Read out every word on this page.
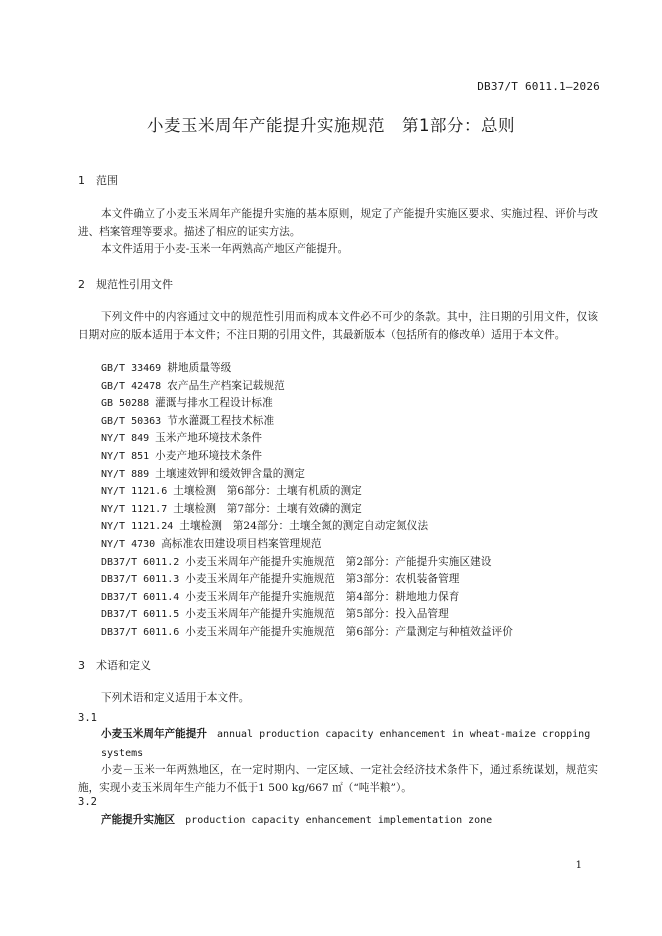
DB37/T 6011.1—2026
小麦玉米周年产能提升实施规范　第1部分：总则
1 范围
本文件确立了小麦玉米周年产能提升实施的基本原则，规定了产能提升实施区要求、实施过程、评价与改进、档案管理等要求。描述了相应的证实方法。
本文件适用于小麦-玉米一年两熟高产地区产能提升。
2 规范性引用文件
下列文件中的内容通过文中的规范性引用而构成本文件必不可少的条款。其中，注日期的引用文件，仅该日期对应的版本适用于本文件；不注日期的引用文件，其最新版本（包括所有的修改单）适用于本文件。
GB/T 33469 耕地质量等级
GB/T 42478 农产品生产档案记载规范
GB 50288 灌溉与排水工程设计标准
GB/T 50363 节水灌溉工程技术标准
NY/T 849 玉米产地环境技术条件
NY/T 851 小麦产地环境技术条件
NY/T 889 土壤速效钾和缓效钾含量的测定
NY/T 1121.6 土壤检测　第6部分：土壤有机质的测定
NY/T 1121.7 土壤检测　第7部分：土壤有效磷的测定
NY/T 1121.24 土壤检测　第24部分：土壤全氮的测定自动定氮仪法
NY/T 4730 高标准农田建设项目档案管理规范
DB37/T 6011.2 小麦玉米周年产能提升实施规范　第2部分：产能提升实施区建设
DB37/T 6011.3 小麦玉米周年产能提升实施规范　第3部分：农机装备管理
DB37/T 6011.4 小麦玉米周年产能提升实施规范　第4部分：耕地地力保育
DB37/T 6011.5 小麦玉米周年产能提升实施规范　第5部分：投入品管理
DB37/T 6011.6 小麦玉米周年产能提升实施规范　第6部分：产量测定与种植效益评价
3 术语和定义
下列术语和定义适用于本文件。
3.1
小麦玉米周年产能提升 annual production capacity enhancement in wheat-maize cropping systems
小麦－玉米一年两熟地区，在一定时期内、一定区域、一定社会经济技术条件下，通过系统谋划，规范实施，实现小麦玉米周年生产能力不低于1 500 kg/667 ㎡（“吨半粮”）。
3.2
产能提升实施区 production capacity enhancement implementation zone
1
